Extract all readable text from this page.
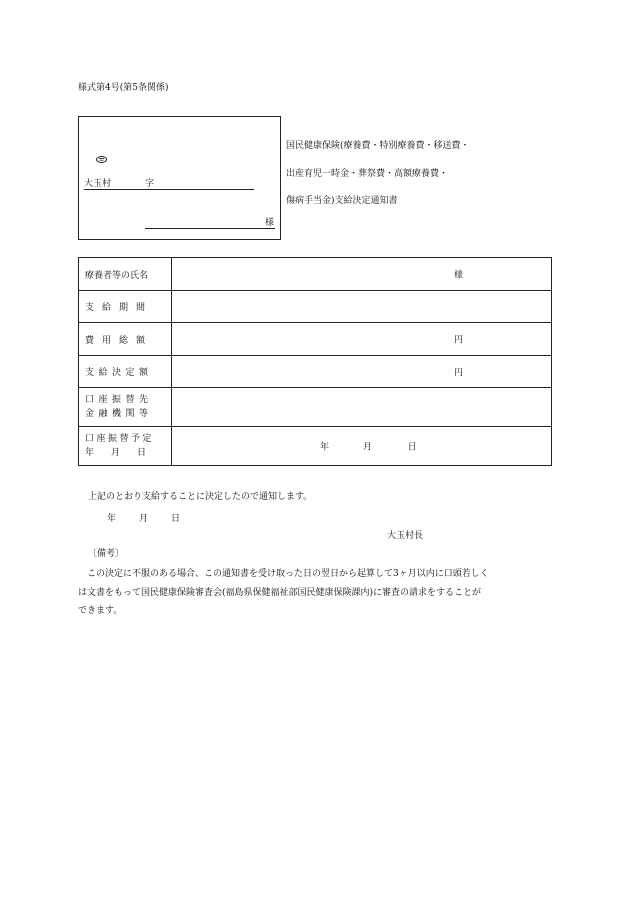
様式第4号(第5条関係)
大玉村	字
様
国民健康保険(療養費・特別療養費・移送費・
出産育児一時金・葬祭費・高額療養費・
傷病手当金)支給決定通知書
療養者等の氏名	様

支給期間	
費用総額	円

支給決定額	円

口座振替先
金融機関等	

口座振替予定
年　月　日	年 月 日
上記のとおり支給することに決定したので通知します。
年	月	日
大玉村長
〔備考〕
　この決定に不服のある場合、この通知書を受け取った日の翌日から起算して3ヶ月以内に口頭若しく
は文書をもって国民健康保険審査会(福島県保健福祉部国民健康保険課内)に審査の請求をすることが
できます。
